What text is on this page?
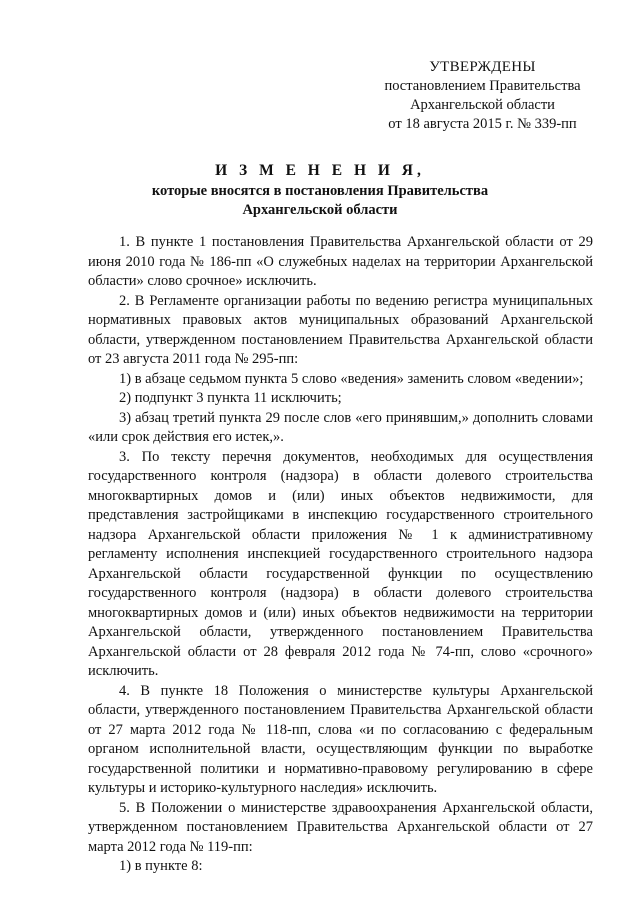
УТВЕРЖДЕНЫ
постановлением Правительства
Архангельской области
от 18 августа 2015 г. № 339-пп
И З М Е Н Е Н И Я,
которые вносятся в постановления Правительства
Архангельской области

1. В пункте 1 постановления Правительства Архангельской области от 29 июня 2010 года № 186-пп «О служебных наделах на территории Архангельской области» слово срочное» исключить.

2. В Регламенте организации работы по ведению регистра муниципальных нормативных правовых актов муниципальных образований Архангельской области, утвержденном постановлением Правительства Архангельской области от 23 августа 2011 года № 295-пп:

1) в абзаце седьмом пункта 5 слово «ведения» заменить словом «ведении»;

2) подпункт 3 пункта 11 исключить;

3) абзац третий пункта 29 после слов «его принявшим,» дополнить словами «или срок действия его истек,».

3. По тексту перечня документов, необходимых для осуществления государственного контроля (надзора) в области долевого строительства многоквартирных домов и (или) иных объектов недвижимости, для представления застройщиками в инспекцию государственного строительного надзора Архангельской области приложения № 1 к административному регламенту исполнения инспекцией государственного строительного надзора Архангельской области государственной функции по осуществлению государственного контроля (надзора) в области долевого строительства многоквартирных домов и (или) иных объектов недвижимости на территории Архангельской области, утвержденного постановлением Правительства Архангельской области от 28 февраля 2012 года № 74-пп, слово «срочного» исключить.

4. В пункте 18 Положения о министерстве культуры Архангельской области, утвержденного постановлением Правительства Архангельской области от 27 марта 2012 года № 118-пп, слова «и по согласованию с федеральным органом исполнительной власти, осуществляющим функции по выработке государственной политики и нормативно-правовому регулированию в сфере культуры и историко-культурного наследия» исключить.

5. В Положении о министерстве здравоохранения Архангельской области, утвержденном постановлением Правительства Архангельской области от 27 марта 2012 года № 119-пп:

1) в пункте 8:
